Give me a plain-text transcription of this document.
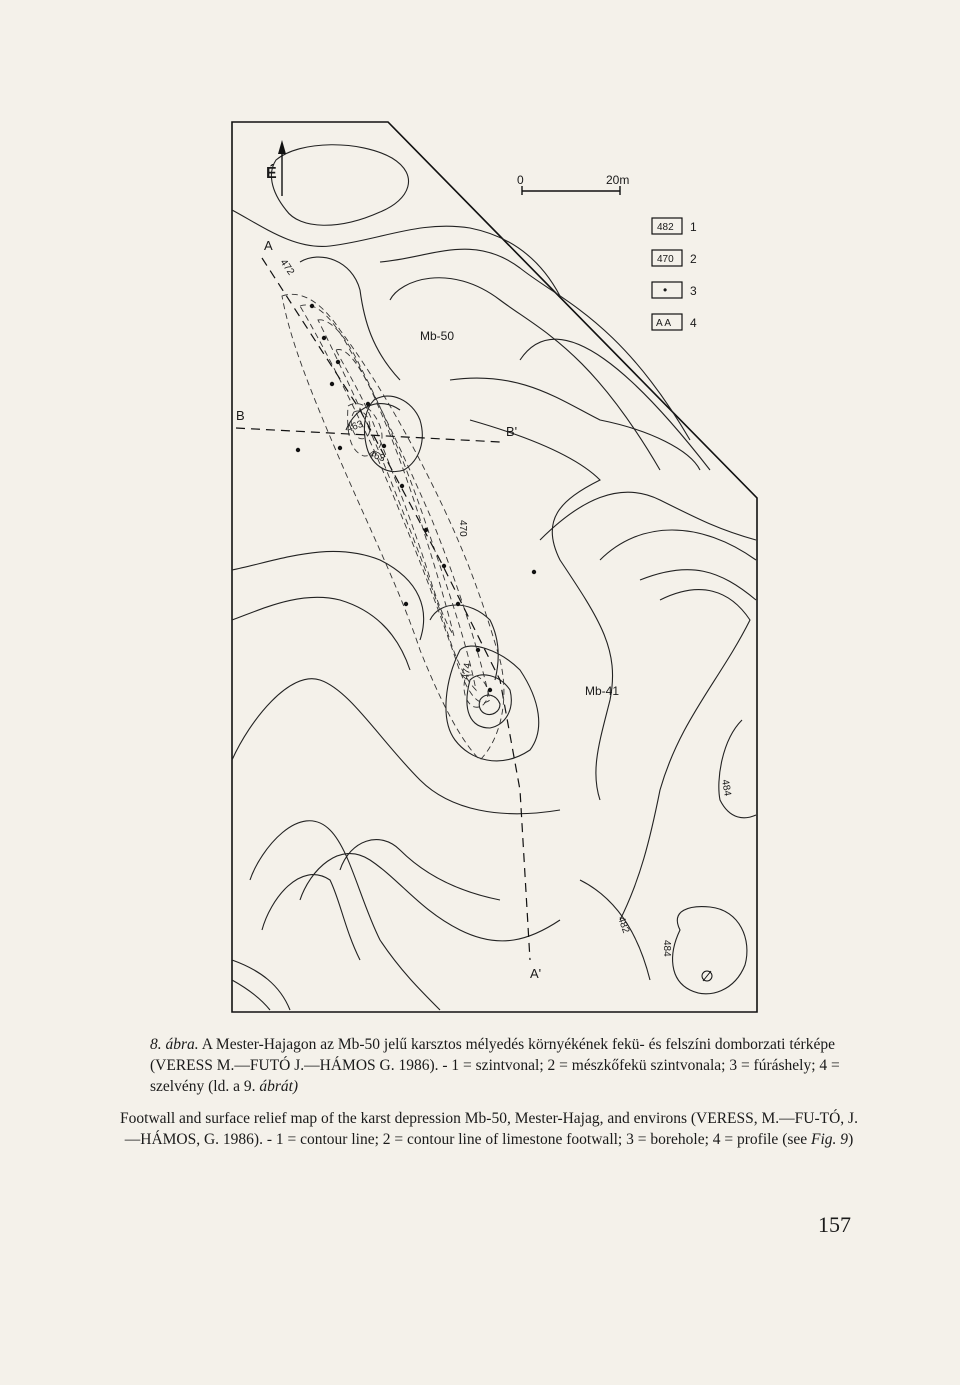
É	0	20m
482 1
470 2
• 3
A A 4
A
A'
B
B'
Mb-50
Mb-41
472
463
463
470
474
484
482
484
8. ábra. A Mester-Hajagon az Mb-50 jelű karsztos mélyedés környékének fekü- és felszíni domborzati térképe (VERESS M.—FUTÓ J.—HÁMOS G. 1986). - 1 = szintvonal; 2 = mészkőfekü szintvonala; 3 = fúráshely; 4 = szelvény (ld. a 9. ábrát)
Footwall and surface relief map of the karst depression Mb-50, Mester-Hajag, and environs (VERESS, M.—FU-TÓ, J.—HÁMOS, G. 1986). - 1 = contour line; 2 = contour line of limestone footwall; 3 = borehole; 4 = profile (see Fig. 9)
157
